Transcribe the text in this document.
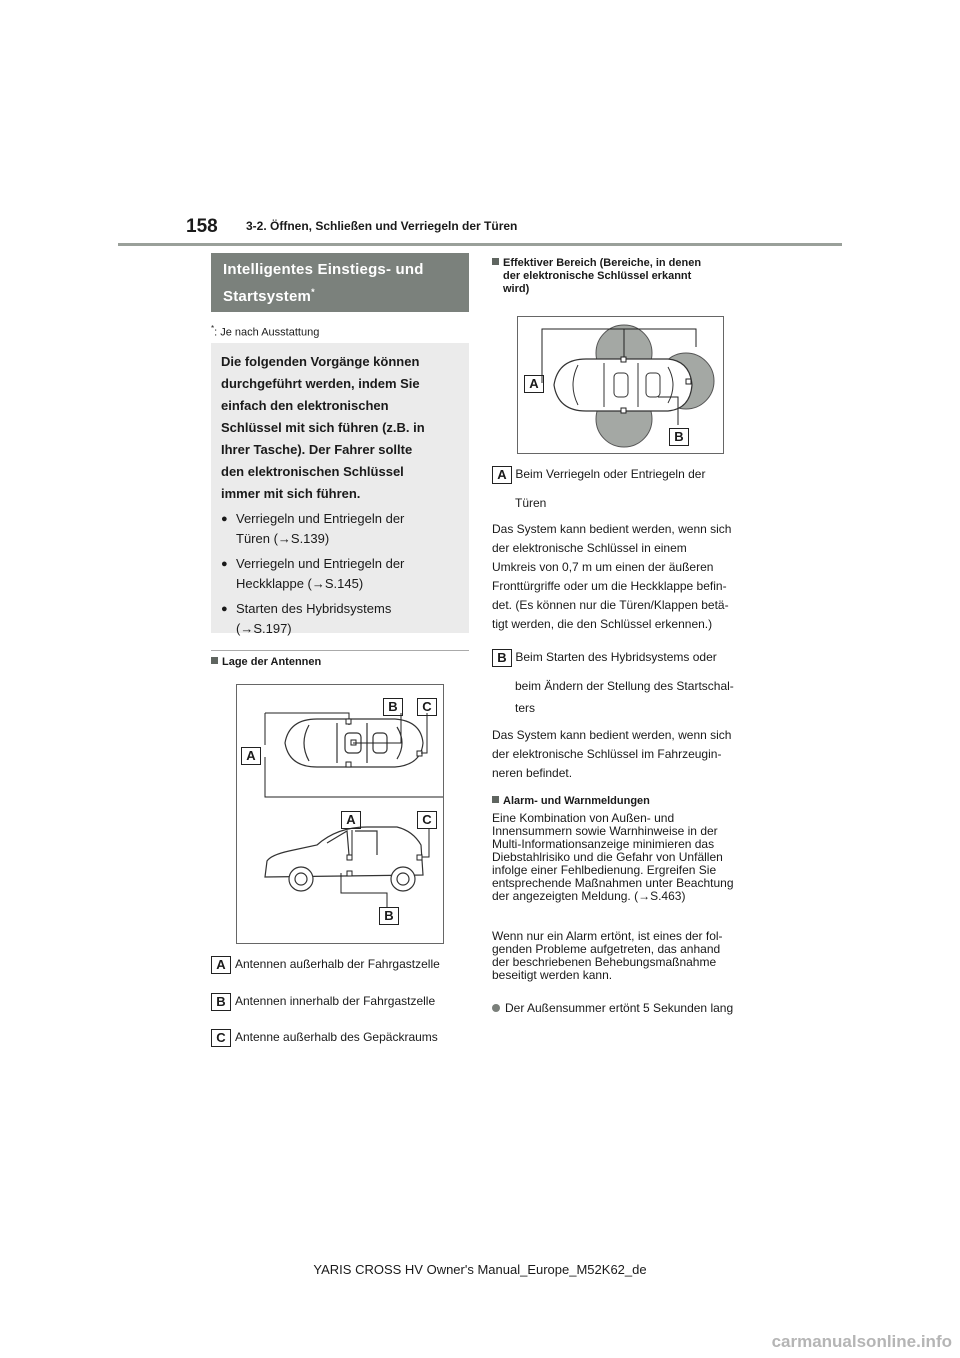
158 3-2. Öffnen, Schließen und Verriegeln der Türen
Intelligentes Einstiegs- und
Startsystem*
*: Je nach Ausstattung
Die folgenden Vorgänge können
durchgeführt werden, indem Sie
einfach den elektronischen
Schlüssel mit sich führen (z.B. in
Ihrer Tasche). Der Fahrer sollte
den elektronischen Schlüssel
immer mit sich führen.
● Verriegeln und Entriegeln der
Türen (→S.139)
● Verriegeln und Entriegeln der
Heckklappe (→S.145)
● Starten des Hybridsystems
(→S.197)
Lage der Antennen
B	C
A
A	C
B
A Antennen außerhalb der Fahrgastzelle
B Antennen innerhalb der Fahrgastzelle
C Antenne außerhalb des Gepäckraums
Effektiver Bereich (Bereiche, in denen
der elektronische Schlüssel erkannt
wird)
A
B
A Beim Verriegeln oder Entriegeln der
Türen
Das System kann bedient werden, wenn sich
der elektronische Schlüssel in einem
Umkreis von 0,7 m um einen der äußeren
Fronttürgriffe oder um die Heckklappe befin-
det. (Es können nur die Türen/Klappen betä-
tigt werden, die den Schlüssel erkennen.)
B Beim Starten des Hybridsystems oder
beim Ändern der Stellung des Startschal-
ters
Das System kann bedient werden, wenn sich
der elektronische Schlüssel im Fahrzeugin-
neren befindet.
Alarm- und Warnmeldungen
Eine Kombination von Außen- und
Innensummern sowie Warnhinweise in der
Multi-Informationsanzeige minimieren das
Diebstahlrisiko und die Gefahr von Unfällen
infolge einer Fehlbedienung. Ergreifen Sie
entsprechende Maßnahmen unter Beachtung
der angezeigten Meldung. (→S.463)
Wenn nur ein Alarm ertönt, ist eines der fol-
genden Probleme aufgetreten, das anhand
der beschriebenen Behebungsmaßnahme
beseitigt werden kann.
Der Außensummer ertönt 5 Sekunden lang
YARIS CROSS HV Owner's Manual_Europe_M52K62_de
carmanualsonline.info
